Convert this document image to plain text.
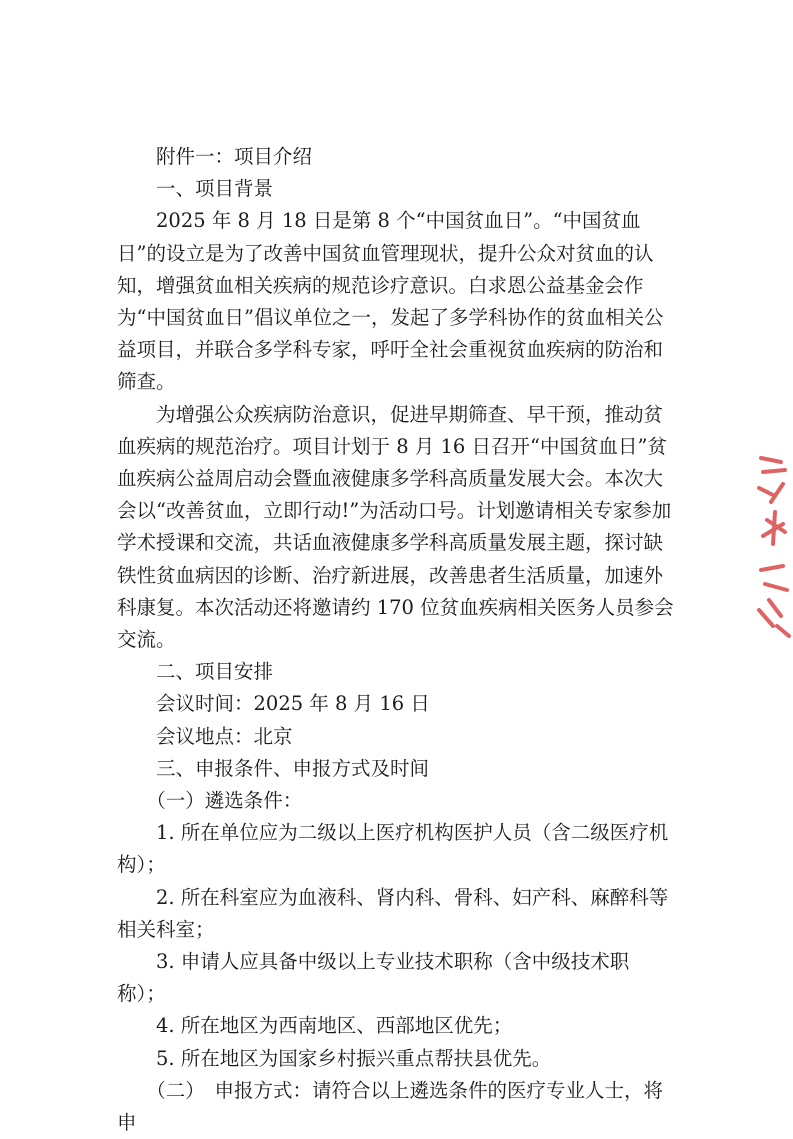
附件一：项目介绍

一、项目背景

2025 年 8 月 18 日是第 8 个“中国贫血日”。“中国贫血日”的设立是为了改善中国贫血管理现状，提升公众对贫血的认知，增强贫血相关疾病的规范诊疗意识。白求恩公益基金会作为“中国贫血日”倡议单位之一，发起了多学科协作的贫血相关公益项目，并联合多学科专家，呼吁全社会重视贫血疾病的防治和筛查。

为增强公众疾病防治意识，促进早期筛查、早干预，推动贫血疾病的规范治疗。项目计划于 8 月 16 日召开“中国贫血日”贫血疾病公益周启动会暨血液健康多学科高质量发展大会。本次大会以“改善贫血，立即行动!”为活动口号。计划邀请相关专家参加学术授课和交流，共话血液健康多学科高质量发展主题，探讨缺铁性贫血病因的诊断、治疗新进展，改善患者生活质量，加速外科康复。本次活动还将邀请约 170 位贫血疾病相关医务人员参会交流。

二、项目安排

会议时间：2025 年 8 月 16 日

会议地点：北京

三、申报条件、申报方式及时间

（一）遴选条件：

1. 所在单位应为二级以上医疗机构医护人员（含二级医疗机构）；

2. 所在科室应为血液科、肾内科、骨科、妇产科、麻醉科等相关科室；

3. 申请人应具备中级以上专业技术职称（含中级技术职称）；

4. 所在地区为西南地区、西部地区优先；

5. 所在地区为国家乡村振兴重点帮扶县优先。

（二）　申报方式：请符合以上遴选条件的医疗专业人士，将申
